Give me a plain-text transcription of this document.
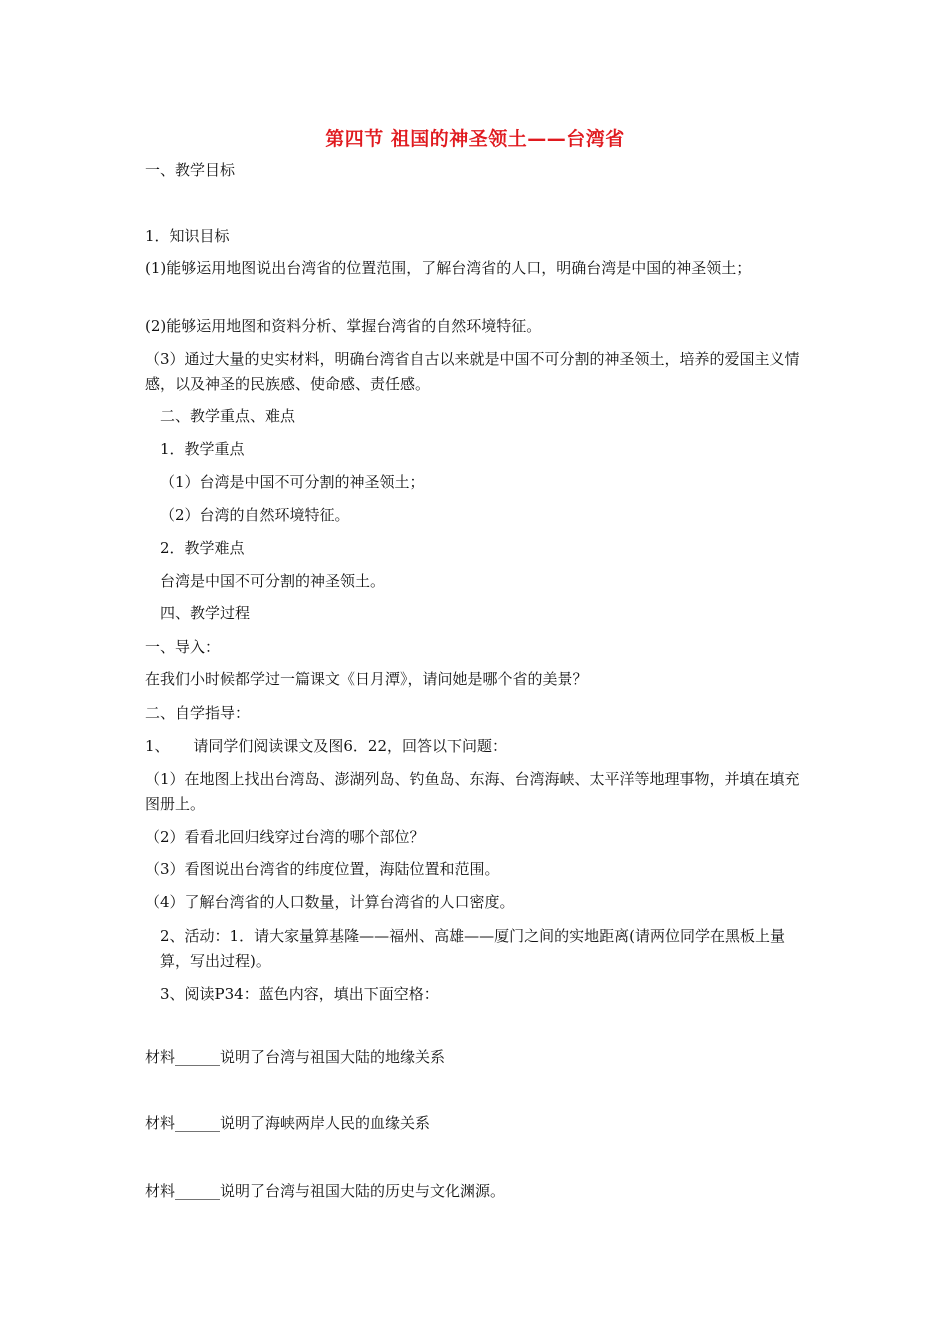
第四节 祖国的神圣领土——台湾省
一、教学目标
1．知识目标
(1)能够运用地图说出台湾省的位置范围，了解台湾省的人口，明确台湾是中国的神圣领土；
(2)能够运用地图和资料分析、掌握台湾省的自然环境特征。
（3）通过大量的史实材料，明确台湾省自古以来就是中国不可分割的神圣领土，培养的爱国主义情感，以及神圣的民族感、使命感、责任感。
二、教学重点、难点
1．教学重点
（1）台湾是中国不可分割的神圣领土；
（2）台湾的自然环境特征。
2．教学难点
台湾是中国不可分割的神圣领土。
四、教学过程
一、导入：
在我们小时候都学过一篇课文《日月潭》，请问她是哪个省的美景？
二、自学指导：
1、     请同学们阅读课文及图6．22，回答以下问题：
（1）在地图上找出台湾岛、澎湖列岛、钓鱼岛、东海、台湾海峡、太平洋等地理事物，并填在填充图册上。
（2）看看北回归线穿过台湾的哪个部位？
（3）看图说出台湾省的纬度位置，海陆位置和范围。
（4）了解台湾省的人口数量，计算台湾省的人口密度。
2、活动：1．请大家量算基隆——福州、高雄——厦门之间的实地距离(请两位同学在黑板上量算，写出过程)。
3、阅读P34：蓝色内容，填出下面空格：
材料______说明了台湾与祖国大陆的地缘关系
材料______说明了海峡两岸人民的血缘关系
材料______说明了台湾与祖国大陆的历史与文化渊源。
